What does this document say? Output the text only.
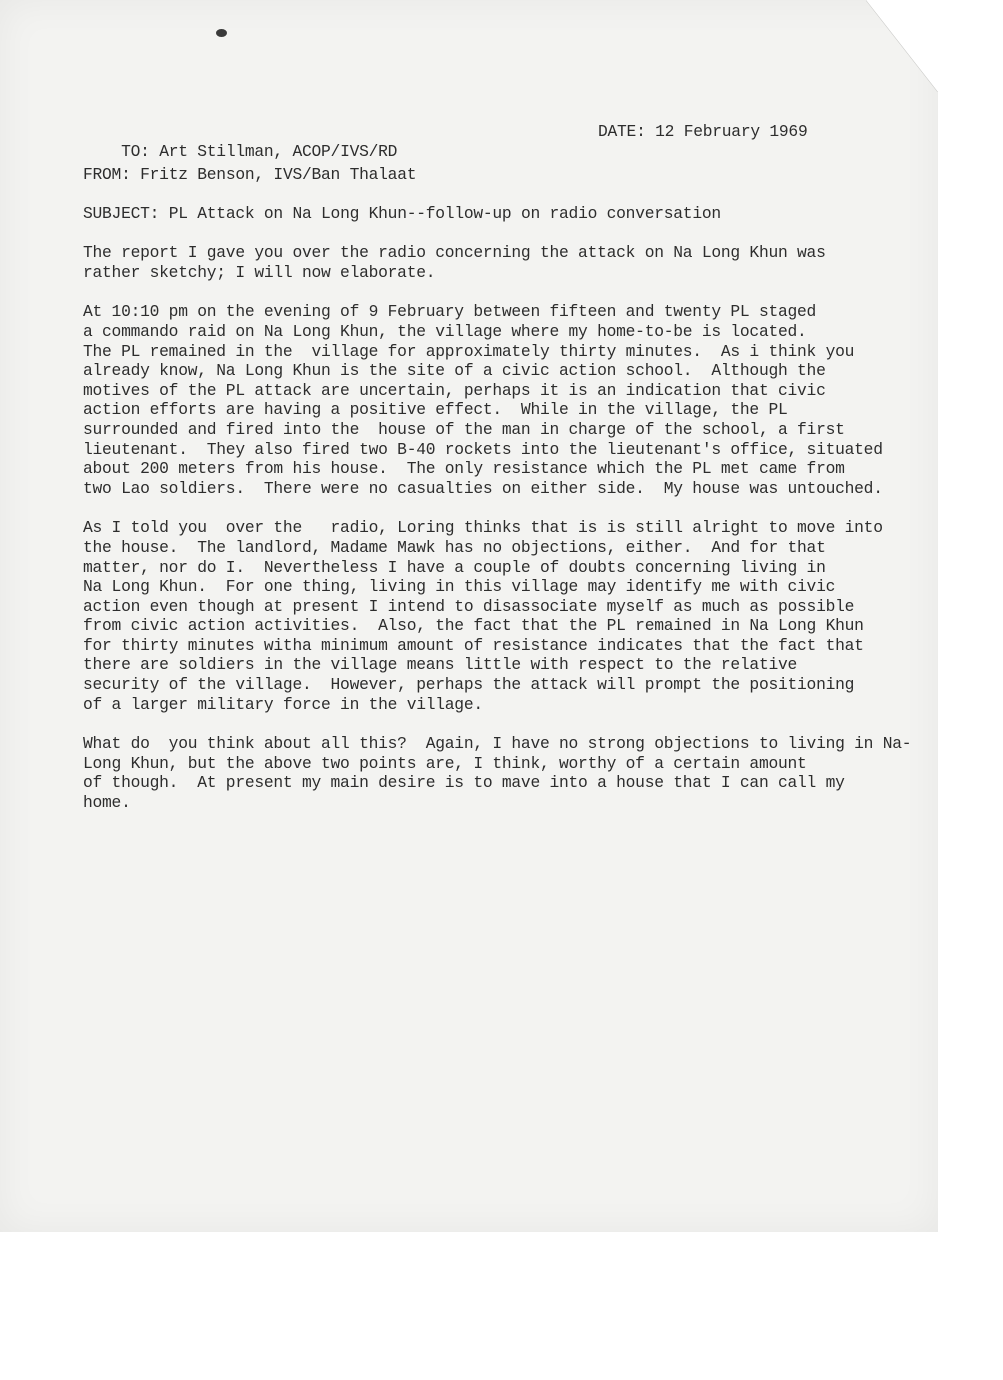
TO: Art Stillman, ACOP/IVS/RD

DATE: 12 February 1969

FROM: Fritz Benson, IVS/Ban Thalaat
SUBJECT: PL Attack on Na Long Khun--follow-up on radio conversation
The report I gave you over the radio concerning the attack on Na Long Khun was
rather sketchy; I will now elaborate.
At 10:10 pm on the evening of 9 February between fifteen and twenty PL staged
a commando raid on Na Long Khun, the village where my home-to-be is located.
The PL remained in the  village for approximately thirty minutes.  As i think you
already know, Na Long Khun is the site of a civic action school.  Although the
motives of the PL attack are uncertain, perhaps it is an indication that civic
action efforts are having a positive effect.  While in the village, the PL
surrounded and fired into the  house of the man in charge of the school, a first
lieutenant.  They also fired two B-40 rockets into the lieutenant's office, situated
about 200 meters from his house.  The only resistance which the PL met came from
two Lao soldiers.  There were no casualties on either side.  My house was untouched.
As I told you  over the   radio, Loring thinks that is is still alright to move into
the house.  The landlord, Madame Mawk has no objections, either.  And for that
matter, nor do I.  Nevertheless I have a couple of doubts concerning living in
Na Long Khun.  For one thing, living in this village may identify me with civic
action even though at present I intend to disassociate myself as much as possible
from civic action activities.  Also, the fact that the PL remained in Na Long Khun
for thirty minutes witha minimum amount of resistance indicates that the fact that
there are soldiers in the village means little with respect to the relative
security of the village.  However, perhaps the attack will prompt the positioning
of a larger military force in the village.
What do  you think about all this?  Again, I have no strong objections to living in Na-
Long Khun, but the above two points are, I think, worthy of a certain amount
of though.  At present my main desire is to mave into a house that I can call my
home.
